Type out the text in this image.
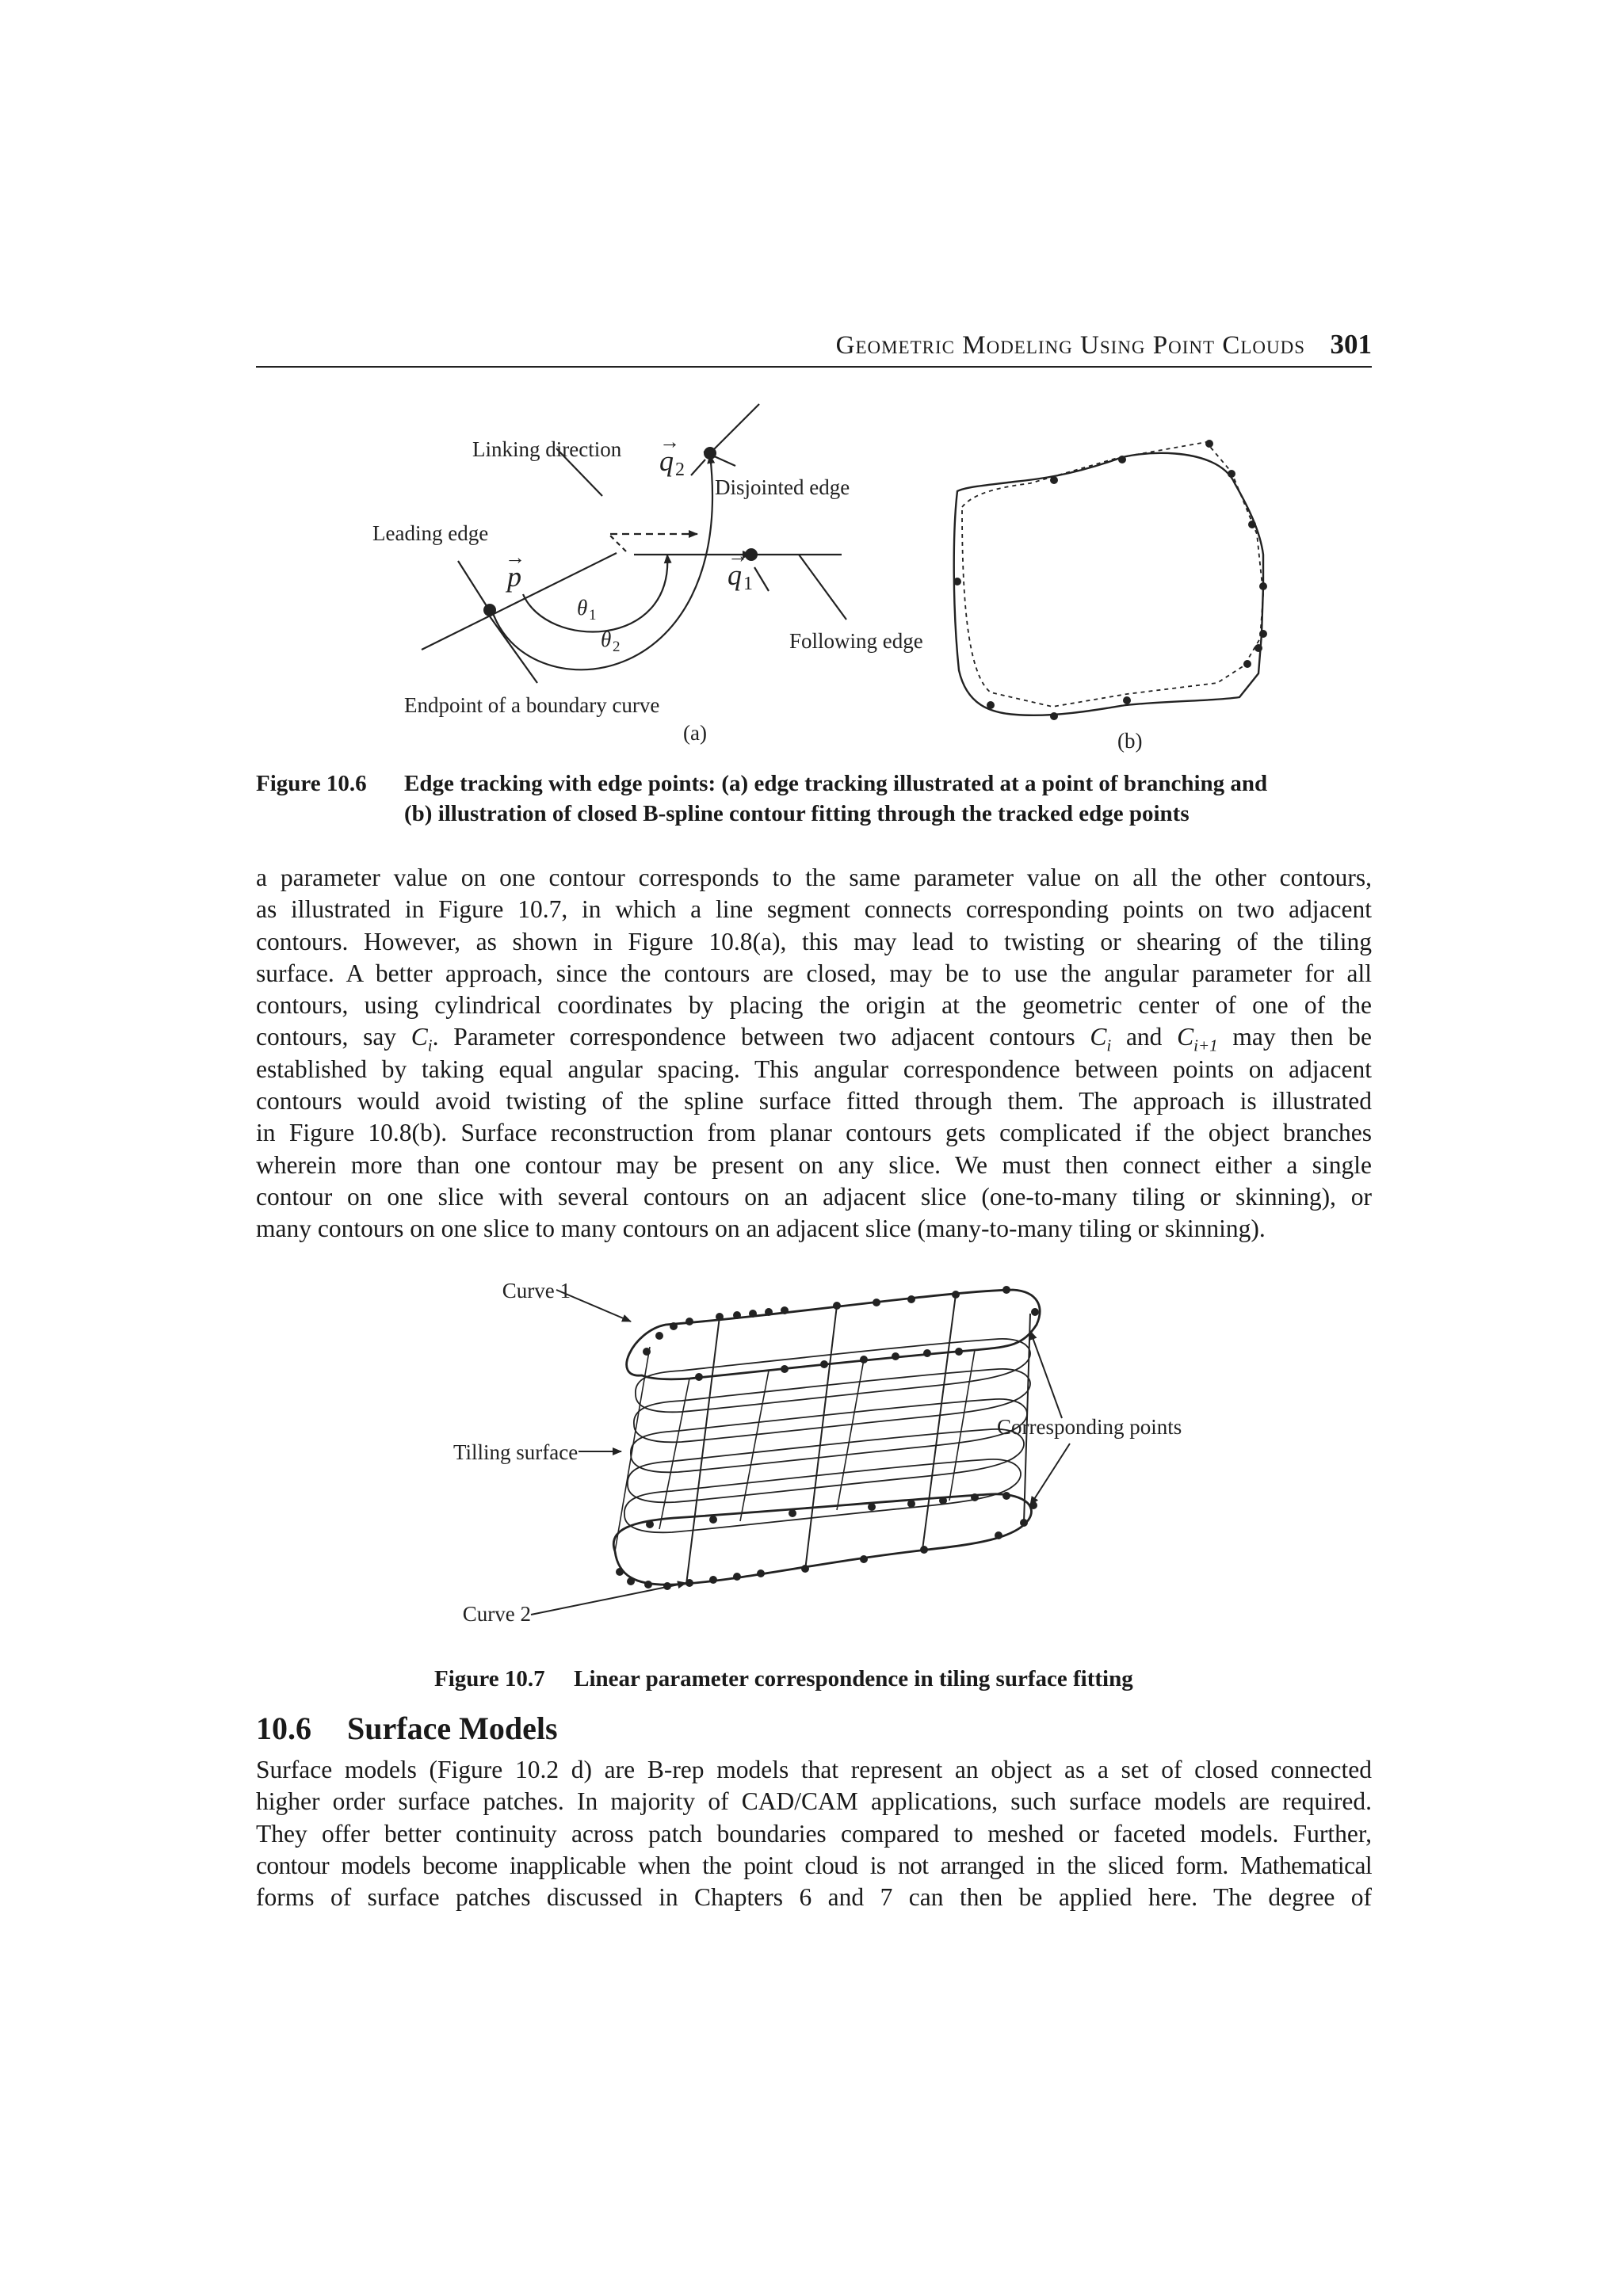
Geometric Modeling Using Point Clouds 301
Linking direction
Leading edge
Disjointed edge
Following edge
Endpoint of a boundary curve
p
→
q 2
→
q 1
→
θ 1
θ 2
(a)	(b)
Figure 10.6 Edge tracking with edge points: (a) edge tracking illustrated at a point of branching and
(b) illustration of closed B-spline contour fitting through the tracked edge points
a parameter value on one contour corresponds to the same parameter value on all the other contours,
as illustrated in Figure 10.7, in which a line segment connects corresponding points on two adjacent
contours. However, as shown in Figure 10.8(a), this may lead to twisting or shearing of the tiling
surface. A better approach, since the contours are closed, may be to use the angular parameter for all
contours, using cylindrical coordinates by placing the origin at the geometric center of one of the
contours, say $C_i$. Parameter correspondence between two adjacent contours $C_i$ and $C_{i+1}$ may then be
established by taking equal angular spacing. This angular correspondence between points on adjacent
contours would avoid twisting of the spline surface fitted through them. The approach is illustrated
in Figure 10.8(b). Surface reconstruction from planar contours gets complicated if the object branches
wherein more than one contour may be present on any slice. We must then connect either a single
contour on one slice with several contours on an adjacent slice (one-to-many tiling or skinning), or
many contours on one slice to many contours on an adjacent slice (many-to-many tiling or skinning).
Curve 1
Tilling surface
Curve 2
Corresponding points
Figure 10.7 Linear parameter correspondence in tiling surface fitting
10.6 Surface Models
Surface models (Figure 10.2 d) are B-rep models that represent an object as a set of closed connected
higher order surface patches. In majority of CAD/CAM applications, such surface models are required.
They offer better continuity across patch boundaries compared to meshed or faceted models. Further,
contour models become inapplicable when the point cloud is not arranged in the sliced form. Mathematical
forms of surface patches discussed in Chapters 6 and 7 can then be applied here. The degree of
